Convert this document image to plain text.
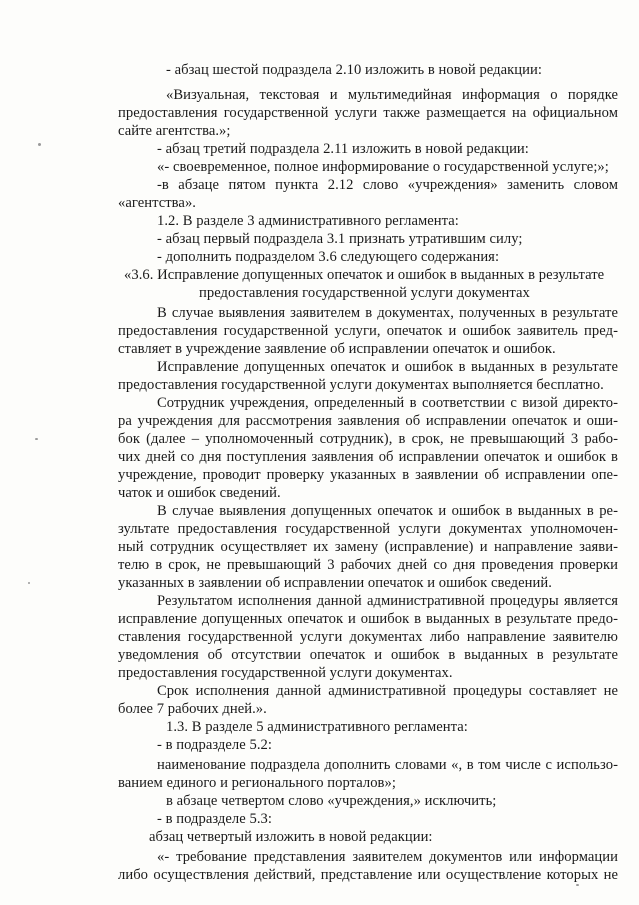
- абзац шестой подраздела 2.10 изложить в новой редакции:
«Визуальная, текстовая и мультимедийная информация о порядке
предоставления государственной услуги также размещается на официальном
сайте агентства.»;
- абзац третий подраздела 2.11 изложить в новой редакции:
«- своевременное, полное информирование о государственной услуге;»;
-в абзаце пятом пункта 2.12 слово «учреждения» заменить словом
«агентства».
1.2. В разделе 3 административного регламента:
- абзац первый подраздела 3.1 признать утратившим силу;
- дополнить подразделом 3.6 следующего содержания:
«3.6. Исправление допущенных опечаток и ошибок в выданных в результате
предоставления государственной услуги документах
В случае выявления заявителем в документах, полученных в результате
предоставления государственной услуги, опечаток и ошибок заявитель пред-
ставляет в учреждение заявление об исправлении опечаток и ошибок.
Исправление допущенных опечаток и ошибок в выданных в результате
предоставления государственной услуги документах выполняется бесплатно.
Сотрудник учреждения, определенный в соответствии с визой директо-
ра учреждения для рассмотрения заявления об исправлении опечаток и оши-
бок (далее – уполномоченный сотрудник), в срок, не превышающий 3 рабо-
чих дней со дня поступления заявления об исправлении опечаток и ошибок в
учреждение, проводит проверку указанных в заявлении об исправлении опе-
чаток и ошибок сведений.
В случае выявления допущенных опечаток и ошибок в выданных в ре-
зультате предоставления государственной услуги документах уполномочен-
ный сотрудник осуществляет их замену (исправление) и направление заяви-
телю в срок, не превышающий 3 рабочих дней со дня проведения проверки
указанных в заявлении об исправлении опечаток и ошибок сведений.
Результатом исполнения данной административной процедуры является
исправление допущенных опечаток и ошибок в выданных в результате предо-
ставления государственной услуги документах либо направление заявителю
уведомления об отсутствии опечаток и ошибок в выданных в результате
предоставления государственной услуги документах.
Срок исполнения данной административной процедуры составляет не
более 7 рабочих дней.».
1.3. В разделе 5 административного регламента:
- в подразделе 5.2:
наименование подраздела дополнить словами «, в том числе с использо-
ванием единого и регионального порталов»;
в абзаце четвертом слово «учреждения,» исключить;
- в подразделе 5.3:
абзац четвертый изложить в новой редакции:
«- требование представления заявителем документов или информации
либо осуществления действий, представление или осуществление которых не
